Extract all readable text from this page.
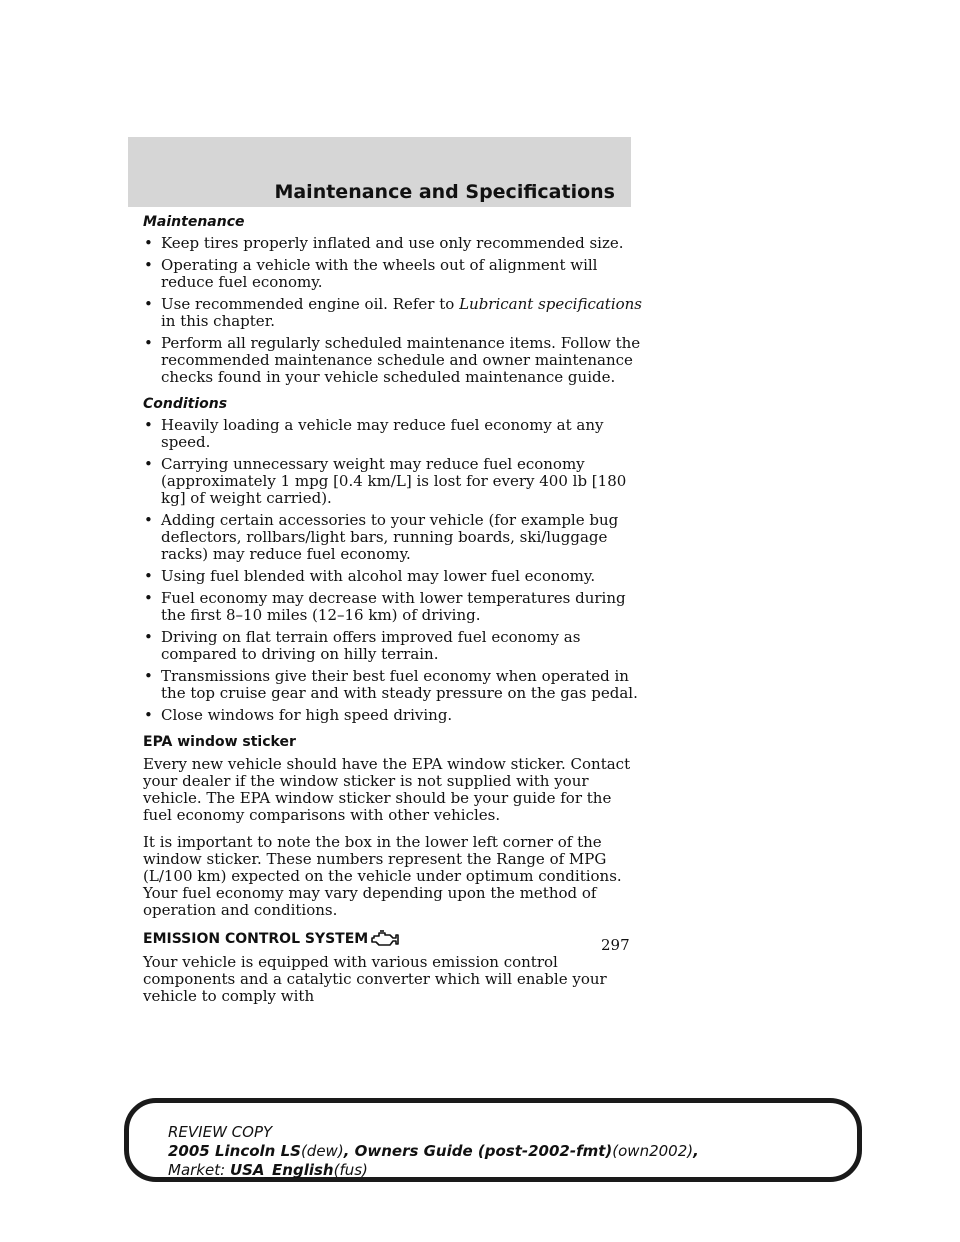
Maintenance and Specifications
Maintenance
• Keep tires properly inflated and use only recommended size.
• Operating a vehicle with the wheels out of alignment will reduce fuel economy.
• Use recommended engine oil. Refer to Lubricant specifications in this chapter.
• Perform all regularly scheduled maintenance items. Follow the recommended maintenance schedule and owner maintenance checks found in your vehicle scheduled maintenance guide.
Conditions
• Heavily loading a vehicle may reduce fuel economy at any speed.
• Carrying unnecessary weight may reduce fuel economy (approximately 1 mpg [0.4 km/L] is lost for every 400 lb [180 kg] of weight carried).
• Adding certain accessories to your vehicle (for example bug deflectors, rollbars/light bars, running boards, ski/luggage racks) may reduce fuel economy.
• Using fuel blended with alcohol may lower fuel economy.
• Fuel economy may decrease with lower temperatures during the first 8–10 miles (12–16 km) of driving.
• Driving on flat terrain offers improved fuel economy as compared to driving on hilly terrain.
• Transmissions give their best fuel economy when operated in the top cruise gear and with steady pressure on the gas pedal.
• Close windows for high speed driving.
EPA window sticker

Every new vehicle should have the EPA window sticker. Contact your dealer if the window sticker is not supplied with your vehicle. The EPA window sticker should be your guide for the fuel economy comparisons with other vehicles.

It is important to note the box in the lower left corner of the window sticker. These numbers represent the Range of MPG (L/100 km) expected on the vehicle under optimum conditions. Your fuel economy may vary depending upon the method of operation and conditions.

EMISSION CONTROL SYSTEM

Your vehicle is equipped with various emission control components and a catalytic converter which will enable your vehicle to comply with

297
REVIEW COPY
2005 Lincoln LS(dew), Owners Guide (post-2002-fmt)(own2002),
Market: USA_English(fus)
